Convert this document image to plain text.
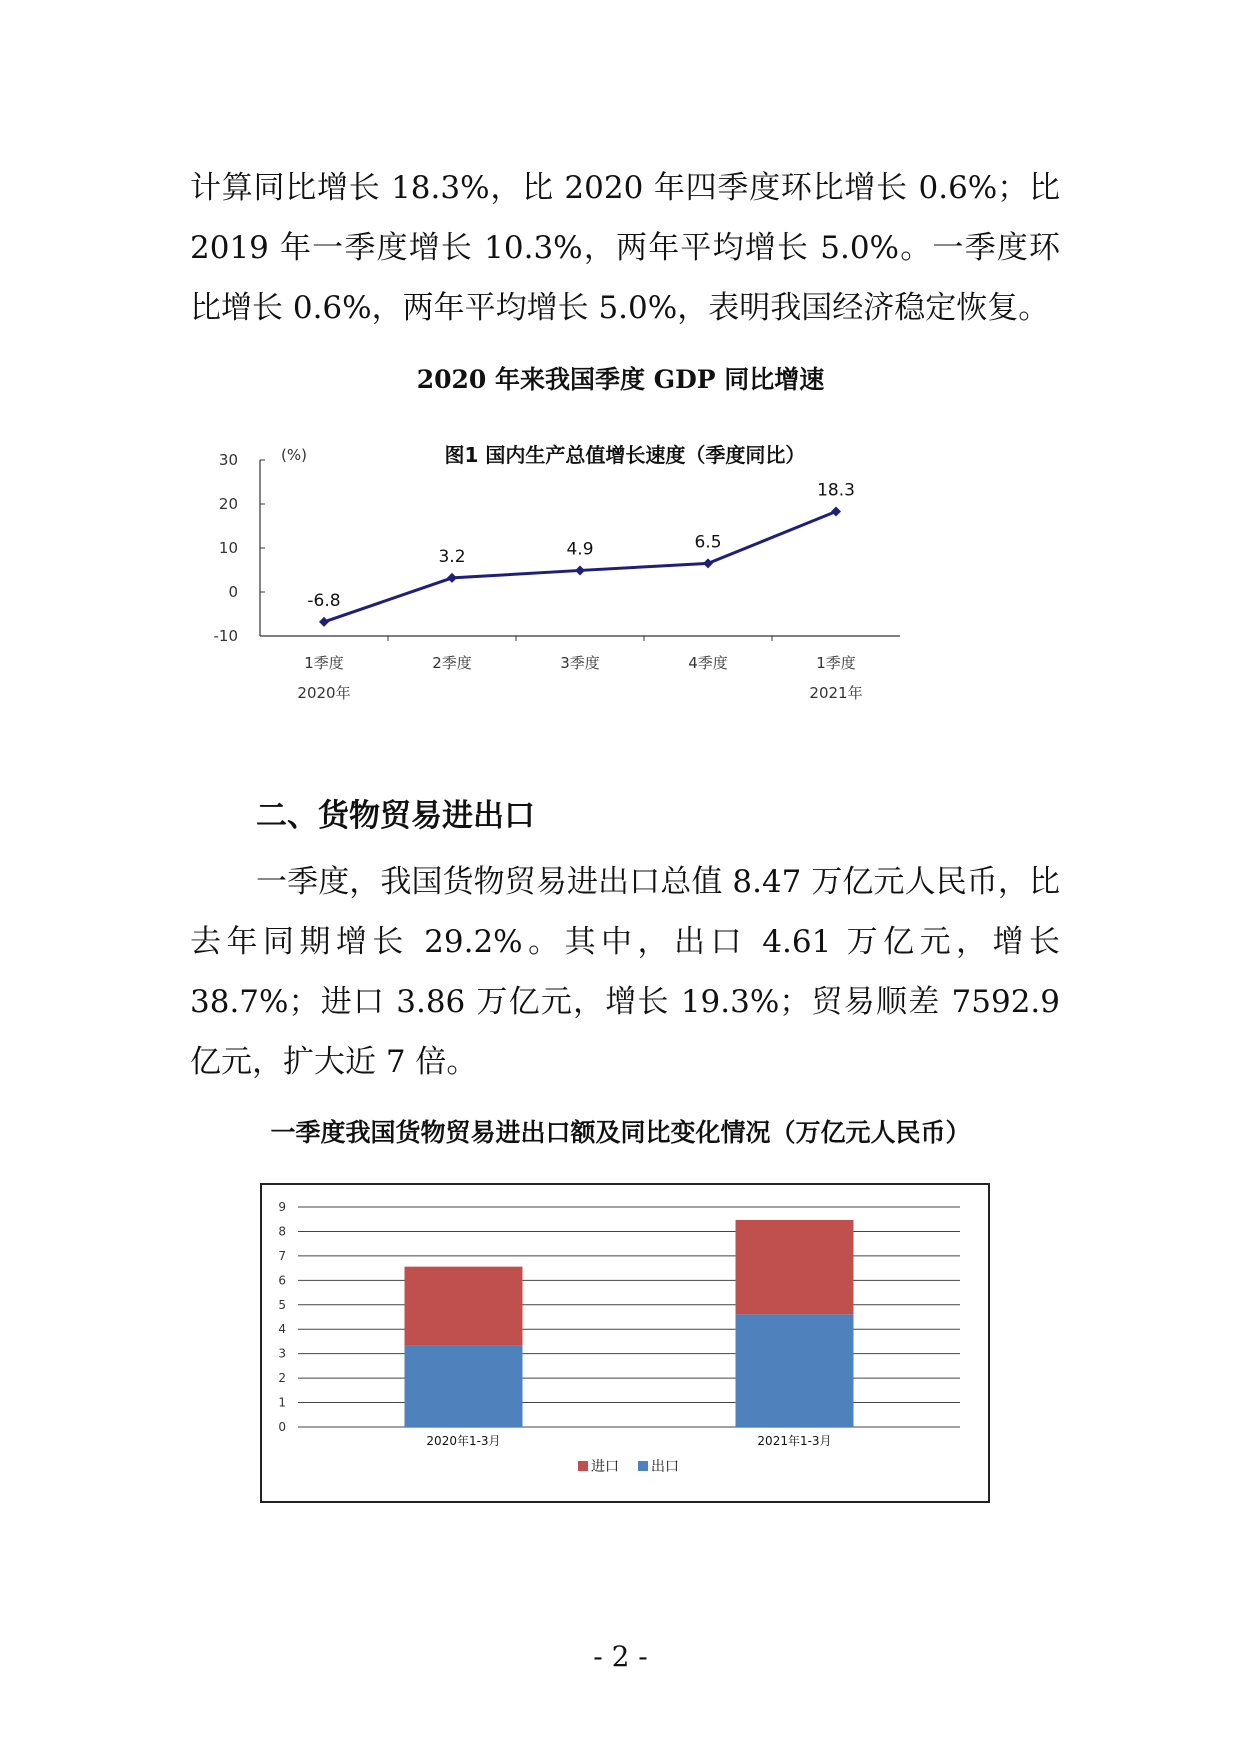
计算同比增长 18.3%，比 2020 年四季度环比增长 0.6%；比 2019 年一季度增长 10.3%，两年平均增长 5.0%。一季度环比增长 0.6%，两年平均增长 5.0%，表明我国经济稳定恢复。

2020 年来我国季度 GDP 同比增速
图1 国内生产总值增长速度（季度同比）
(%)
30
20
10
0
-10
1季度
2020年
2季度	3季度	4季度	1季度
2021年
-6.8
3.2	4.9	6.5
18.3
二、货物贸易进出口

一季度，我国货物贸易进出口总值 8.47 万亿元人民币，比去年同期增长 29.2%。其中，出口 4.61 万亿元，增长 38.7%；进口 3.86 万亿元，增长 19.3%；贸易顺差 7592.9 亿元，扩大近 7 倍。

一季度我国货物贸易进出口额及同比变化情况（万亿元人民币）
0
1
2
3
4
5
6
7
8
9
2020年1-3月	2021年1-3月
进口 出口
- 2 -
